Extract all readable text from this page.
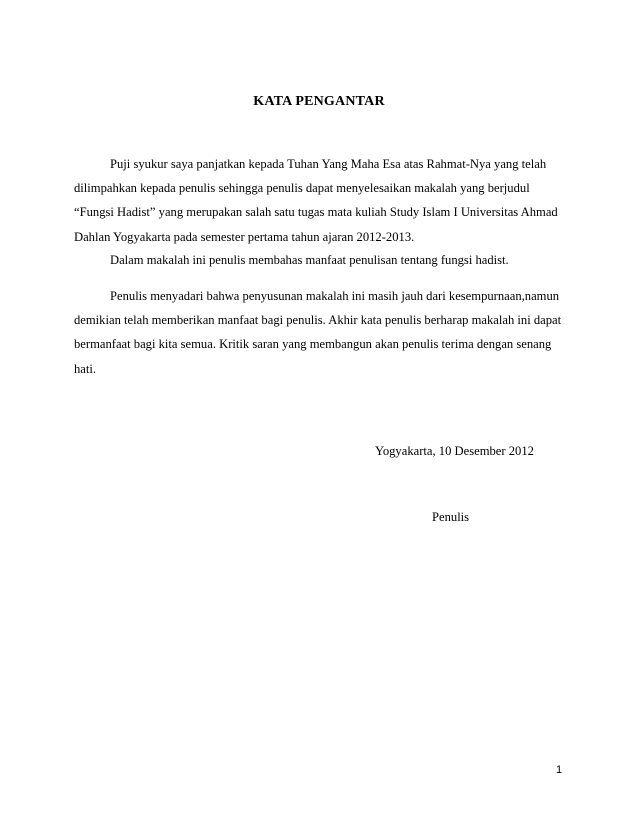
KATA PENGANTAR

Puji syukur saya panjatkan kepada Tuhan Yang Maha Esa atas Rahmat-Nya yang telah dilimpahkan kepada penulis sehingga penulis dapat menyelesaikan makalah yang berjudul “Fungsi Hadist” yang merupakan salah satu tugas mata kuliah Study Islam I Universitas Ahmad Dahlan Yogyakarta pada semester pertama tahun ajaran 2012-2013.

Dalam makalah ini penulis membahas manfaat penulisan tentang fungsi hadist.

Penulis menyadari bahwa penyusunan makalah ini masih jauh dari kesempurnaan,namun demikian telah memberikan manfaat bagi penulis. Akhir kata penulis berharap makalah ini dapat bermanfaat bagi kita semua. Kritik saran yang membangun akan penulis terima dengan senang hati.

Yogyakarta, 10 Desember 2012
Penulis
1
